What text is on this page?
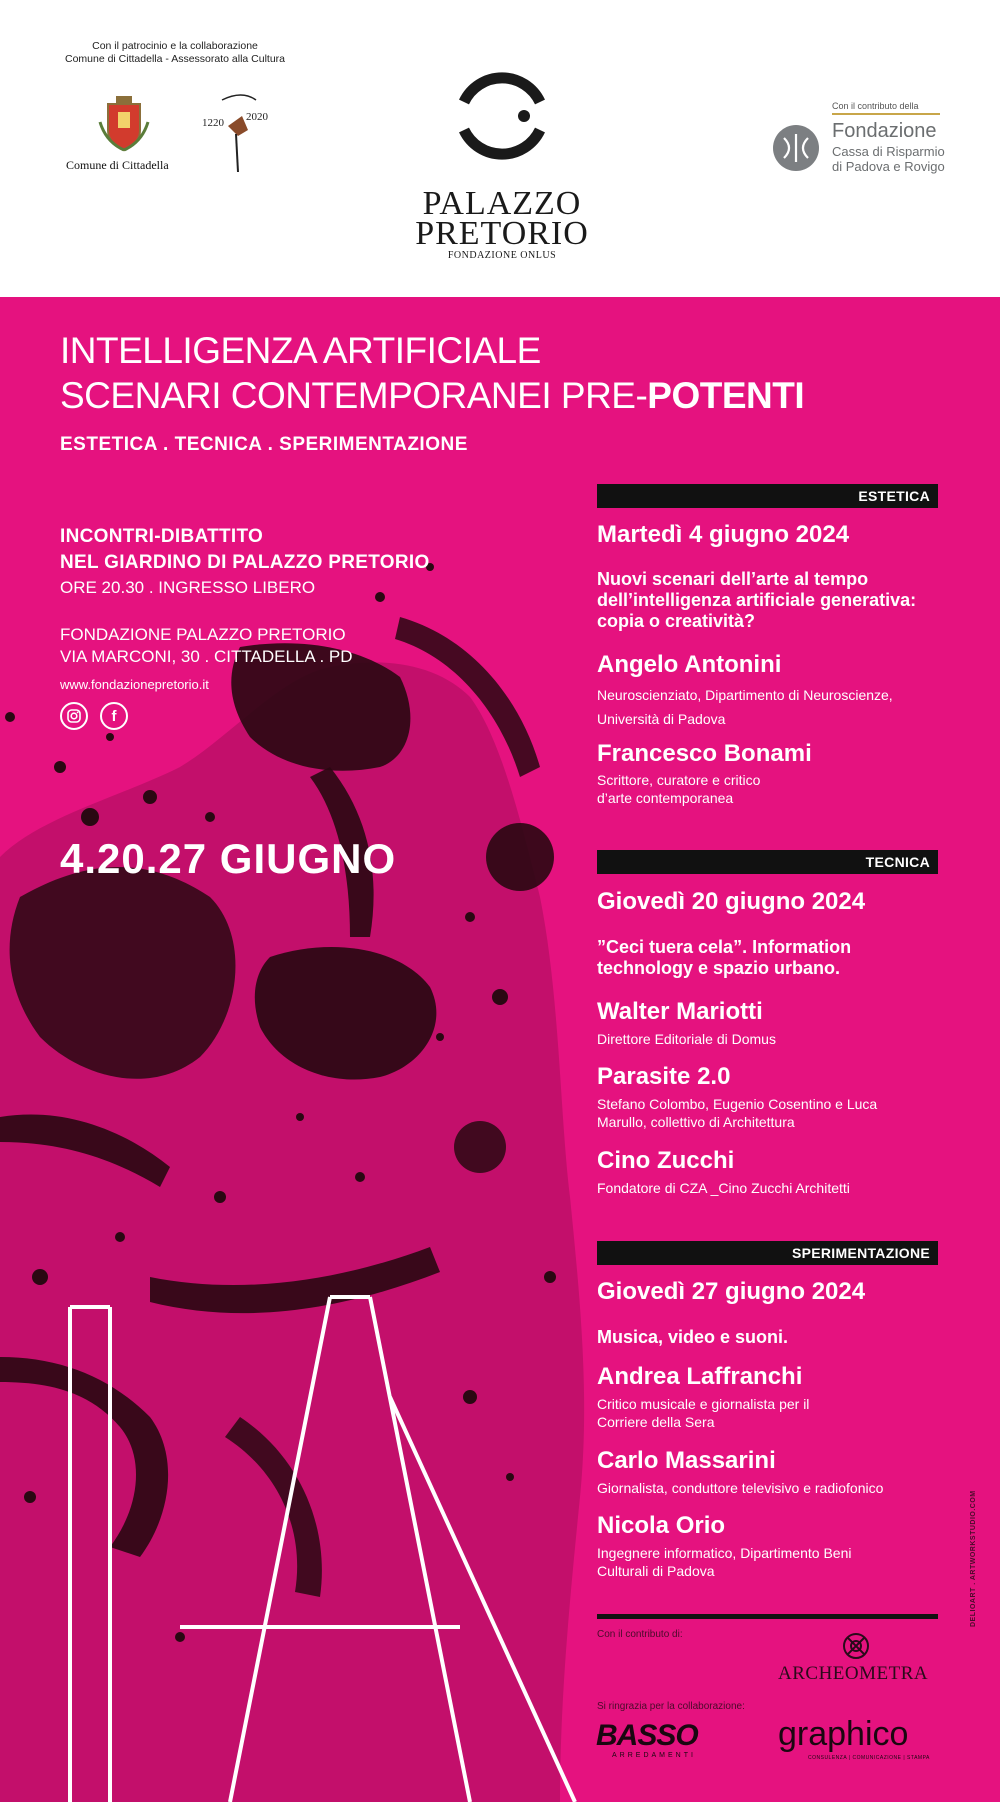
Con il patrocinio e la collaborazione
Comune di Cittadella - Assessorato alla Cultura
Comune di Cittadella
1220 2020
PALAZZO
PRETORIO
FONDAZIONE ONLUS
Con il contributo della
Fondazione
Cassa di Risparmio
di Padova e Rovigo
INTELLIGENZA ARTIFICIALE
SCENARI CONTEMPORANEI PRE-POTENTI
ESTETICA . TECNICA . SPERIMENTAZIONE
INCONTRI-DIBATTITO
NEL GIARDINO DI PALAZZO PRETORIO
ORE 20.30 . INGRESSO LIBERO
FONDAZIONE PALAZZO PRETORIO
VIA MARCONI, 30 . CITTADELLA . PD
www.fondazionepretorio.it
f
4.20.27 GIUGNO
ESTETICA
Martedì 4 giugno 2024
Nuovi scenari dell’arte al tempo dell’intelligenza artificiale generativa: copia o creatività?
Angelo Antonini
Neuroscienziato, Dipartimento di Neuroscienze, Università di Padova
Francesco Bonami
Scrittore, curatore e critico d’arte contemporanea
TECNICA
Giovedì 20 giugno 2024
”Ceci tuera cela”. Information technology e spazio urbano.
Walter Mariotti
Direttore Editoriale di Domus
Parasite 2.0
Stefano Colombo, Eugenio Cosentino e Luca Marullo, collettivo di Architettura
Cino Zucchi
Fondatore di CZA _Cino Zucchi Architetti
SPERIMENTAZIONE
Giovedì 27 giugno 2024
Musica, video e suoni.
Andrea Laffranchi
Critico musicale e giornalista per il Corriere della Sera
Carlo Massarini
Giornalista, conduttore televisivo e radiofonico
Nicola Orio
Ingegnere informatico, Dipartimento Beni Culturali di Padova
Con il contributo di:
ARCHEOMETRA
Si ringrazia per la collaborazione:
BASSO
ARREDAMENTI
graphico
CONSULENZA | COMUNICAZIONE | STAMPA
DELIOART . ARTWORKSTUDIO.COM
